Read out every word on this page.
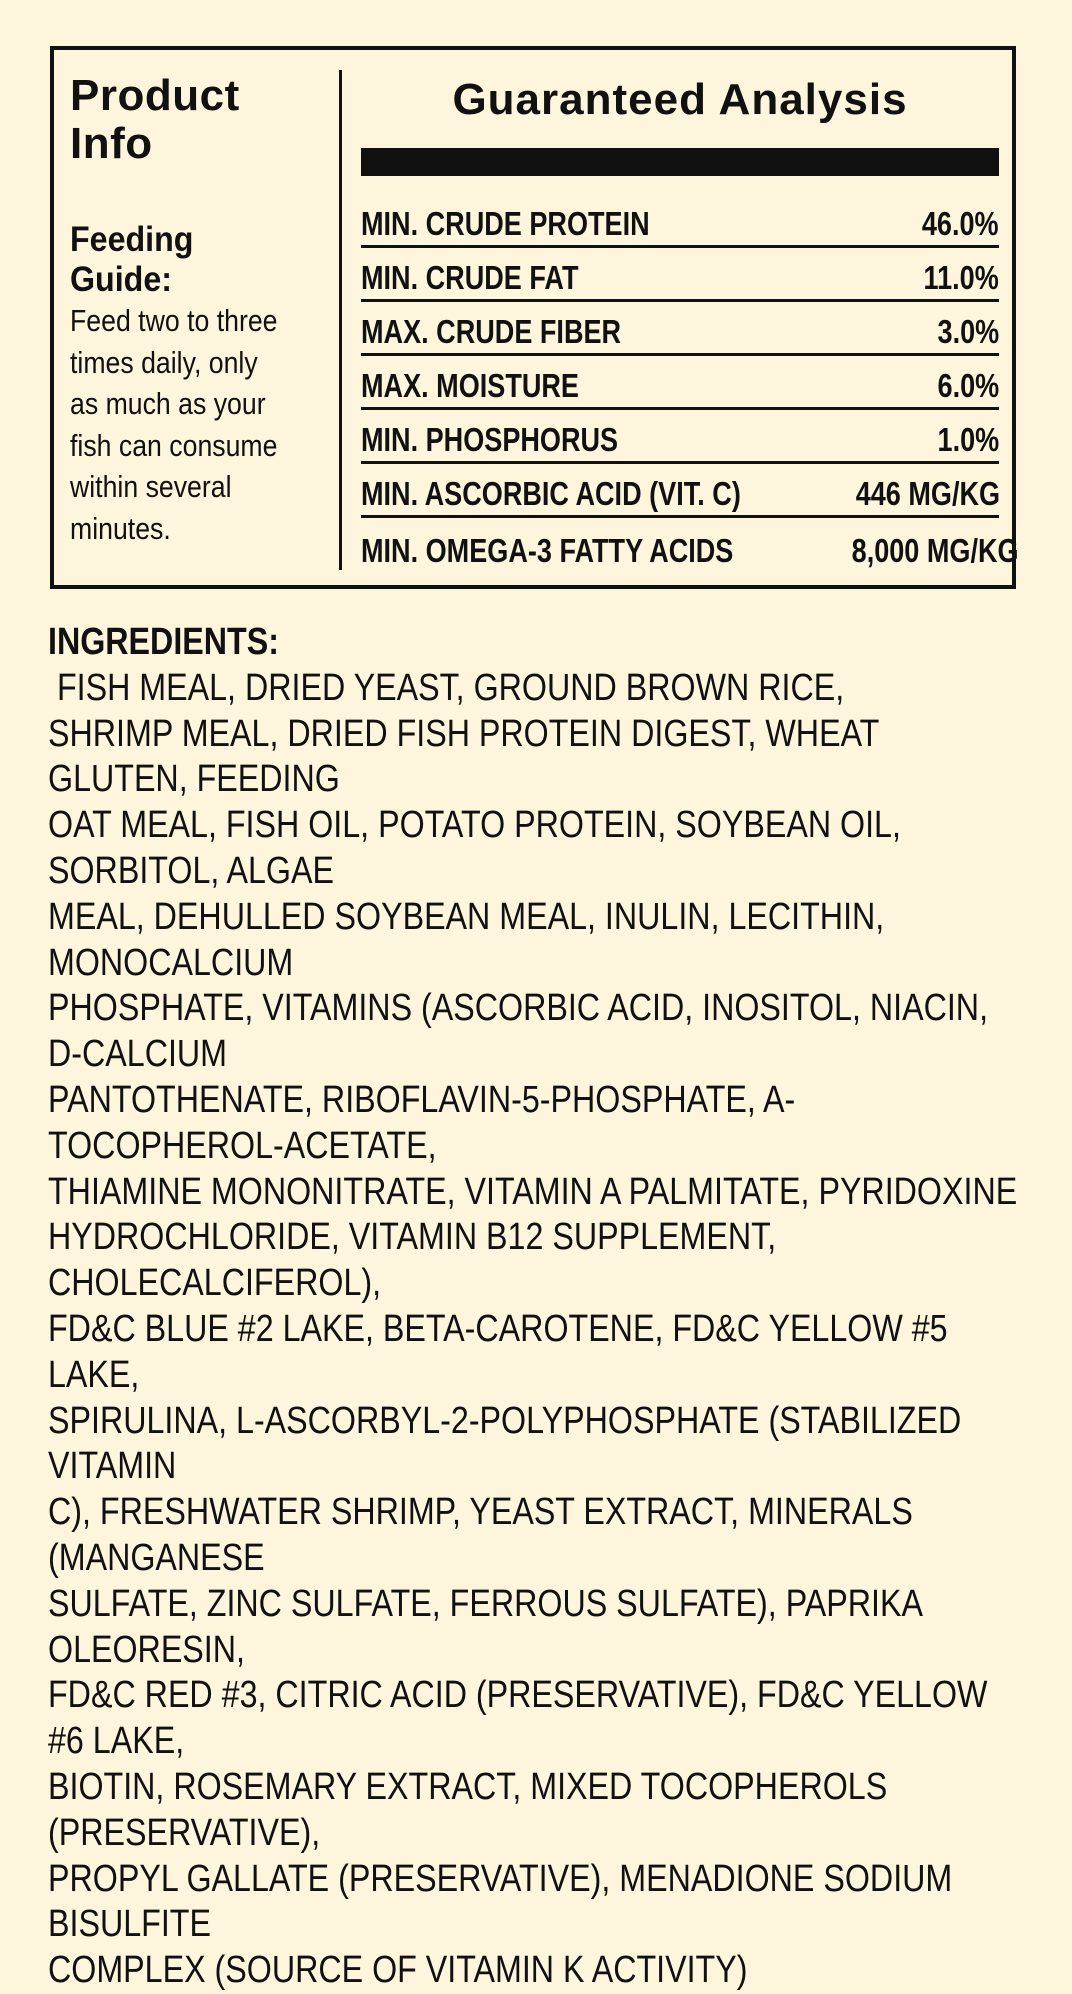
Product
Info
Feeding
Guide:
Feed two to three
times daily, only
as much as your
fish can consume
within several
minutes.
Guaranteed Analysis
MIN. CRUDE PROTEIN	46.0%
MIN. CRUDE FAT	11.0%
MAX. CRUDE FIBER	3.0%
MAX. MOISTURE	6.0%
MIN. PHOSPHORUS	1.0%
MIN. ASCORBIC ACID (VIT. C)	446 MG/KG
MIN. OMEGA-3 FATTY ACIDS	8,000 MG/KG
INGREDIENTS: FISH MEAL, DRIED YEAST, GROUND BROWN RICE,
SHRIMP MEAL, DRIED FISH PROTEIN DIGEST, WHEAT GLUTEN, FEEDING
OAT MEAL, FISH OIL, POTATO PROTEIN, SOYBEAN OIL, SORBITOL, ALGAE
MEAL, DEHULLED SOYBEAN MEAL, INULIN, LECITHIN, MONOCALCIUM
PHOSPHATE, VITAMINS (ASCORBIC ACID, INOSITOL, NIACIN, D-CALCIUM
PANTOTHENATE, RIBOFLAVIN-5-PHOSPHATE, A-TOCOPHEROL-ACETATE,
THIAMINE MONONITRATE, VITAMIN A PALMITATE, PYRIDOXINE
HYDROCHLORIDE, VITAMIN B12 SUPPLEMENT, CHOLECALCIFEROL),
FD&C BLUE #2 LAKE, BETA-CAROTENE, FD&C YELLOW #5 LAKE,
SPIRULINA, L-ASCORBYL-2-POLYPHOSPHATE (STABILIZED VITAMIN
C), FRESHWATER SHRIMP, YEAST EXTRACT, MINERALS (MANGANESE
SULFATE, ZINC SULFATE, FERROUS SULFATE), PAPRIKA OLEORESIN,
FD&C RED #3, CITRIC ACID (PRESERVATIVE), FD&C YELLOW #6 LAKE,
BIOTIN, ROSEMARY EXTRACT, MIXED TOCOPHEROLS (PRESERVATIVE),
PROPYL GALLATE (PRESERVATIVE), MENADIONE SODIUM BISULFITE
COMPLEX (SOURCE OF VITAMIN K ACTIVITY)
